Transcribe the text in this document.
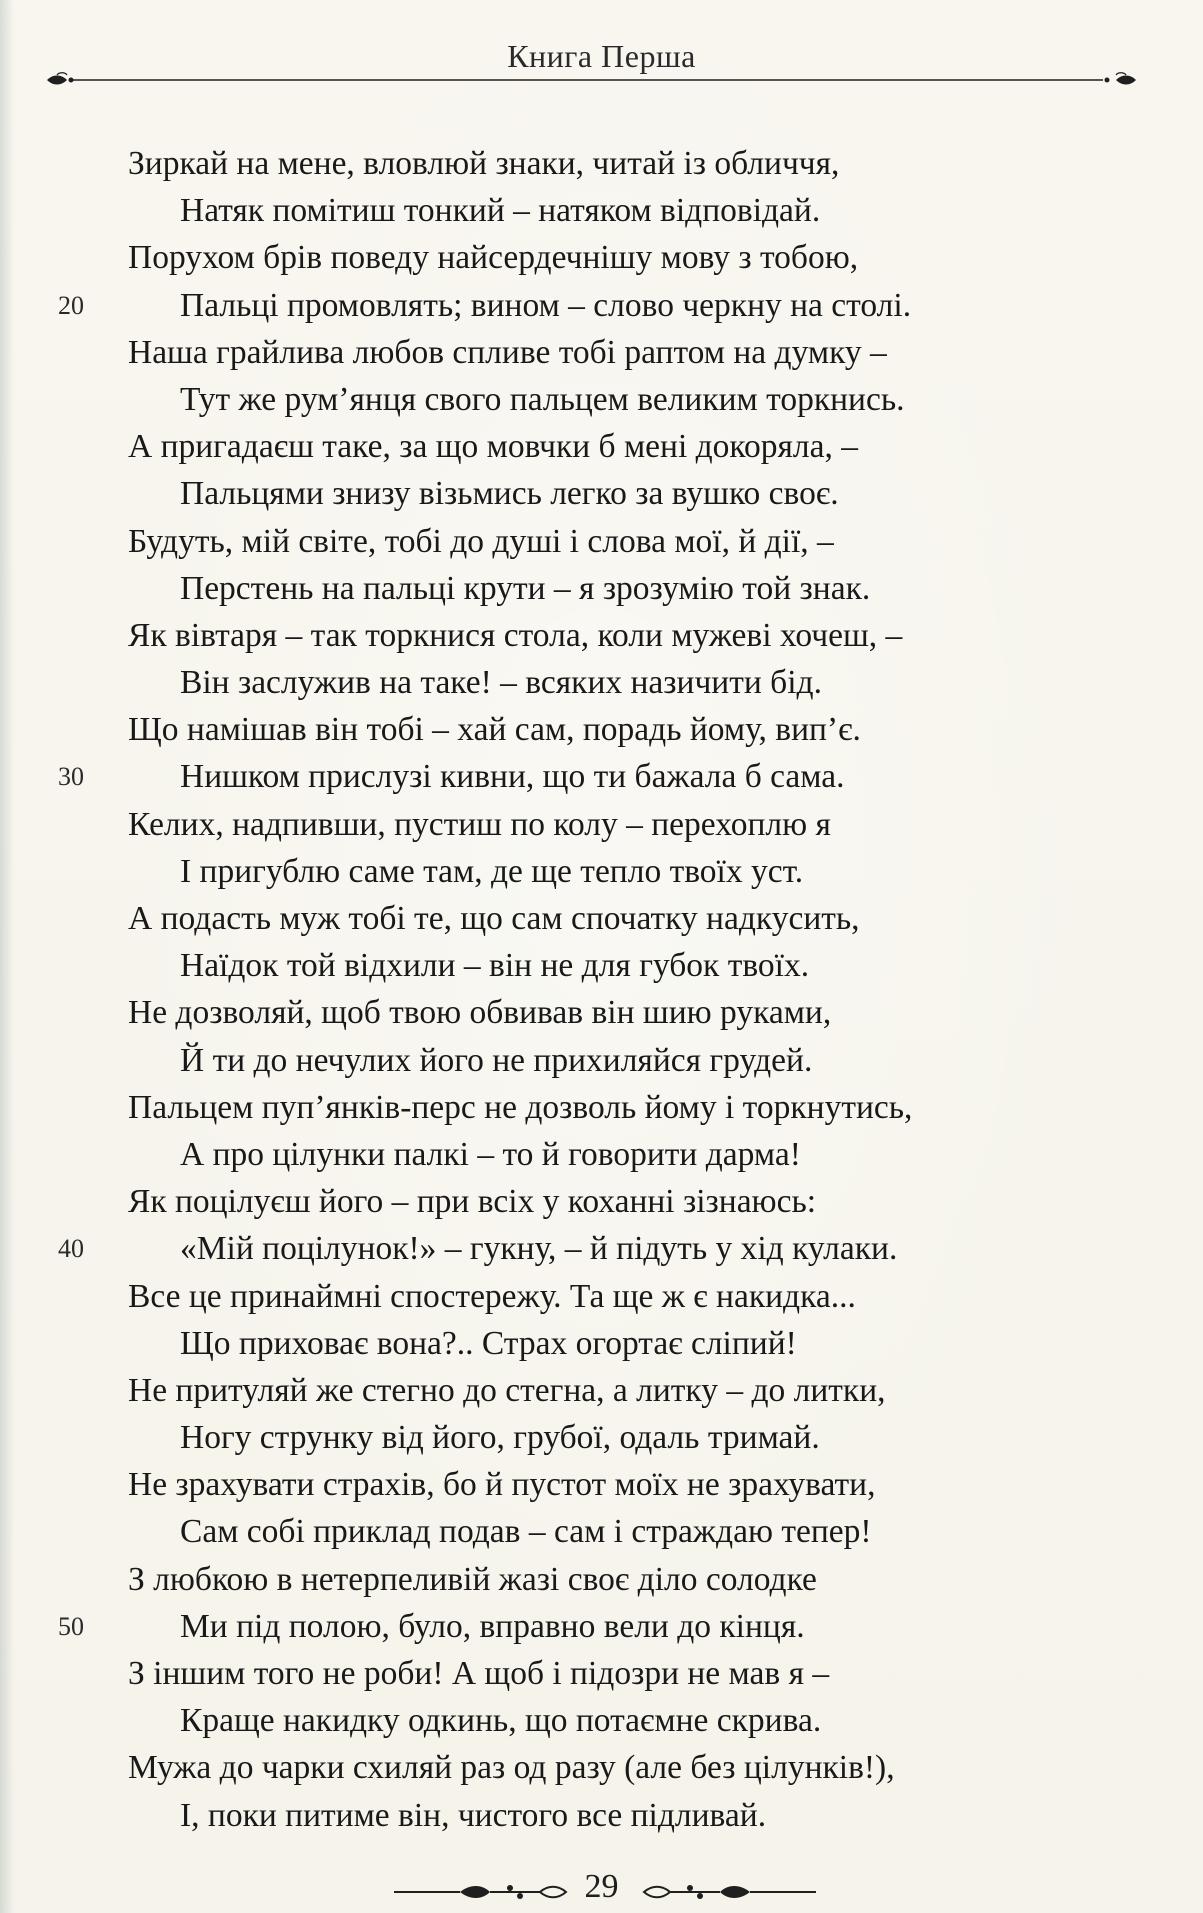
Книга Перша
Зиркай на мене, вловлюй знаки, читай із обличчя,
Натяк помітиш тонкий – натяком відповідай.
Порухом брів поведу найсердечнішу мову з тобою,
20	Пальці промовлять; вином – слово черкну на столі.
Наша грайлива любов спливе тобі раптом на думку –
Тут же рум’янця свого пальцем великим торкнись.
А пригадаєш таке, за що мовчки б мені докоряла, –
Пальцями знизу візьмись легко за вушко своє.
Будуть, мій світе, тобі до душі і слова мої, й дії, –
Перстень на пальці крути – я зрозумію той знак.
Як вівтаря – так торкнися стола, коли мужеві хочеш, –
Він заслужив на таке! – всяких назичити бід.
Що намішав він тобі – хай сам, порадь йому, вип’є.
30	Нишком прислузі кивни, що ти бажала б сама.
Келих, надпивши, пустиш по колу – перехоплю я
І пригублю саме там, де ще тепло твоїх уст.
А подасть муж тобі те, що сам спочатку надкусить,
Наїдок той відхили – він не для губок твоїх.
Не дозволяй, щоб твою обвивав він шию руками,
Й ти до нечулих його не прихиляйся грудей.
Пальцем пуп’янків-перс не дозволь йому і торкнутись,
А про цілунки палкі – то й говорити дарма!
Як поцілуєш його – при всіх у коханні зізнаюсь:
40	«Мій поцілунок!» – гукну, – й підуть у хід кулаки.
Все це принаймні спостережу. Та ще ж є накидка...
Що приховає вона?.. Страх огортає сліпий!
Не притуляй же стегно до стегна, а литку – до литки,
Ногу струнку від його, грубої, одаль тримай.
Не зрахувати страхів, бо й пустот моїх не зрахувати,
Сам собі приклад подав – сам і страждаю тепер!
З любкою в нетерпеливій жазі своє діло солодке
50	Ми під полою, було, вправно вели до кінця.
З іншим того не роби! А щоб і підозри не мав я –
Краще накидку одкинь, що потаємне скрива.
Мужа до чарки схиляй раз од разу (але без цілунків!),
І, поки питиме він, чистого все підливай.
29
